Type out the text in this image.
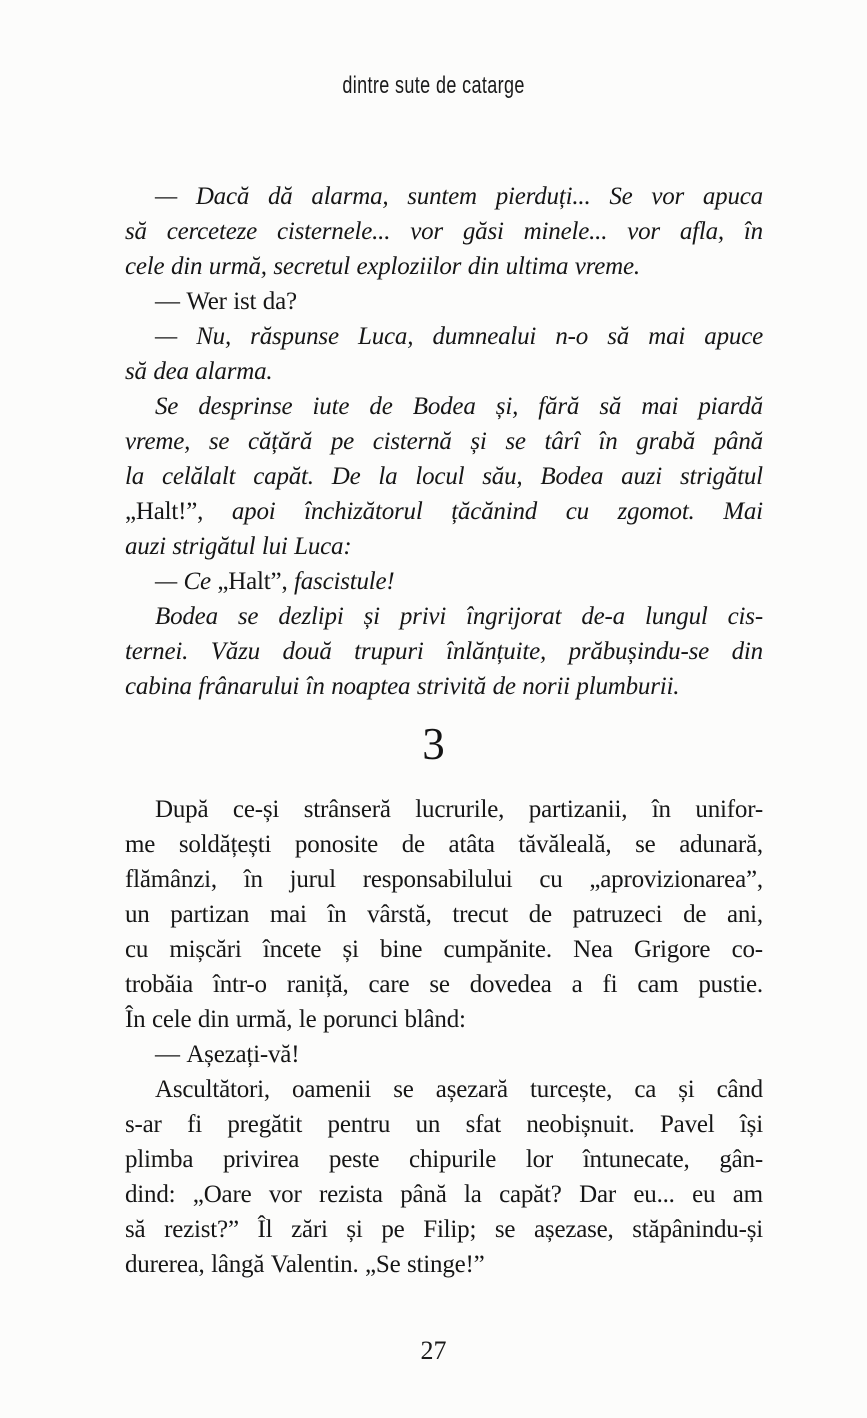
dintre sute de catarge
— Dacă dă alarma, suntem pierduți... Se vor apuca
să cerceteze cisternele... vor găsi minele... vor afla, în
cele din urmă, secretul exploziilor din ultima vreme.
— Wer ist da?
— Nu, răspunse Luca, dumnealui n-o să mai apuce
să dea alarma.
Se desprinse iute de Bodea și, fără să mai piardă
vreme, se cățără pe cisternă și se târî în grabă până
la celălalt capăt. De la locul său, Bodea auzi strigătul
„Halt!”, apoi închizătorul țăcănind cu zgomot. Mai
auzi strigătul lui Luca:
— Ce „Halt”, fascistule!
Bodea se dezlipi și privi îngrijorat de-a lungul cis-
ternei. Văzu două trupuri înlănțuite, prăbușindu-se din
cabina frânarului în noaptea strivită de norii plumburii.
3
După ce-și strânseră lucrurile, partizanii, în unifor-
me soldățești ponosite de atâta tăvăleală, se adunară,
flămânzi, în jurul responsabilului cu „aprovizionarea”,
un partizan mai în vârstă, trecut de patruzeci de ani,
cu mișcări încete și bine cumpănite. Nea Grigore co-
trobăia într-o raniță, care se dovedea a fi cam pustie.
În cele din urmă, le porunci blând:
— Așezați-vă!
Ascultători, oamenii se așezară turcește, ca și când
s-ar fi pregătit pentru un sfat neobișnuit. Pavel își
plimba privirea peste chipurile lor întunecate, gân-
dind: „Oare vor rezista până la capăt? Dar eu... eu am
să rezist?” Îl zări și pe Filip; se așezase, stăpânindu-și
durerea, lângă Valentin. „Se stinge!”
27
